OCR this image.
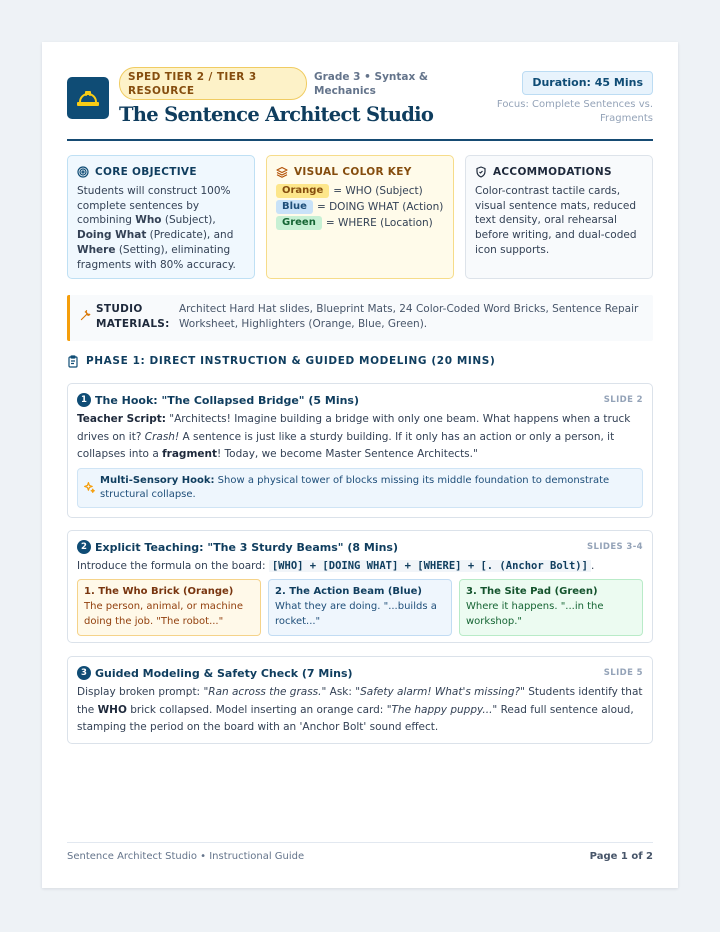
SPED TIER 2 / TIER 3 RESOURCE
Grade 3 • Syntax & Mechanics
The Sentence Architect Studio
Duration: 45 Mins
Focus: Complete Sentences vs. Fragments
CORE OBJECTIVE
Students will construct 100% complete sentences by combining Who (Subject), Doing What (Predicate), and Where (Setting), eliminating fragments with 80% accuracy.
VISUAL COLOR KEY
Orange = WHO (Subject)
Blue = DOING WHAT (Action)
Green = WHERE (Location)
ACCOMMODATIONS
Color-contrast tactile cards, visual sentence mats, reduced text density, oral rehearsal before writing, and dual-coded icon supports.
STUDIO MATERIALS:
Architect Hard Hat slides, Blueprint Mats, 24 Color-Coded Word Bricks, Sentence Repair Worksheet, Highlighters (Orange, Blue, Green).
PHASE 1: DIRECT INSTRUCTION & GUIDED MODELING (20 MINS)
1 The Hook: "The Collapsed Bridge" (5 Mins)	SLIDE 2
Teacher Script: "Architects! Imagine building a bridge with only one beam. What happens when a truck drives on it? Crash! A sentence is just like a sturdy building. If it only has an action or only a person, it collapses into a fragment! Today, we become Master Sentence Architects."
Multi-Sensory Hook: Show a physical tower of blocks missing its middle foundation to demonstrate structural collapse.
2 Explicit Teaching: "The 3 Sturdy Beams" (8 Mins)	SLIDES 3-4
Introduce the formula on the board: [WHO] + [DOING WHAT] + [WHERE] + [. (Anchor Bolt)] .
1. The Who Brick (Orange)
The person, animal, or machine doing the job. "The robot..."
2. The Action Beam (Blue)
What they are doing. "...builds a rocket..."
3. The Site Pad (Green)
Where it happens. "...in the workshop."
3 Guided Modeling & Safety Check (7 Mins)	SLIDE 5
Display broken prompt: "Ran across the grass." Ask: "Safety alarm! What's missing?" Students identify that the WHO brick collapsed. Model inserting an orange card: "The happy puppy..." Read full sentence aloud, stamping the period on the board with an 'Anchor Bolt' sound effect.
Sentence Architect Studio • Instructional Guide	Page 1 of 2
